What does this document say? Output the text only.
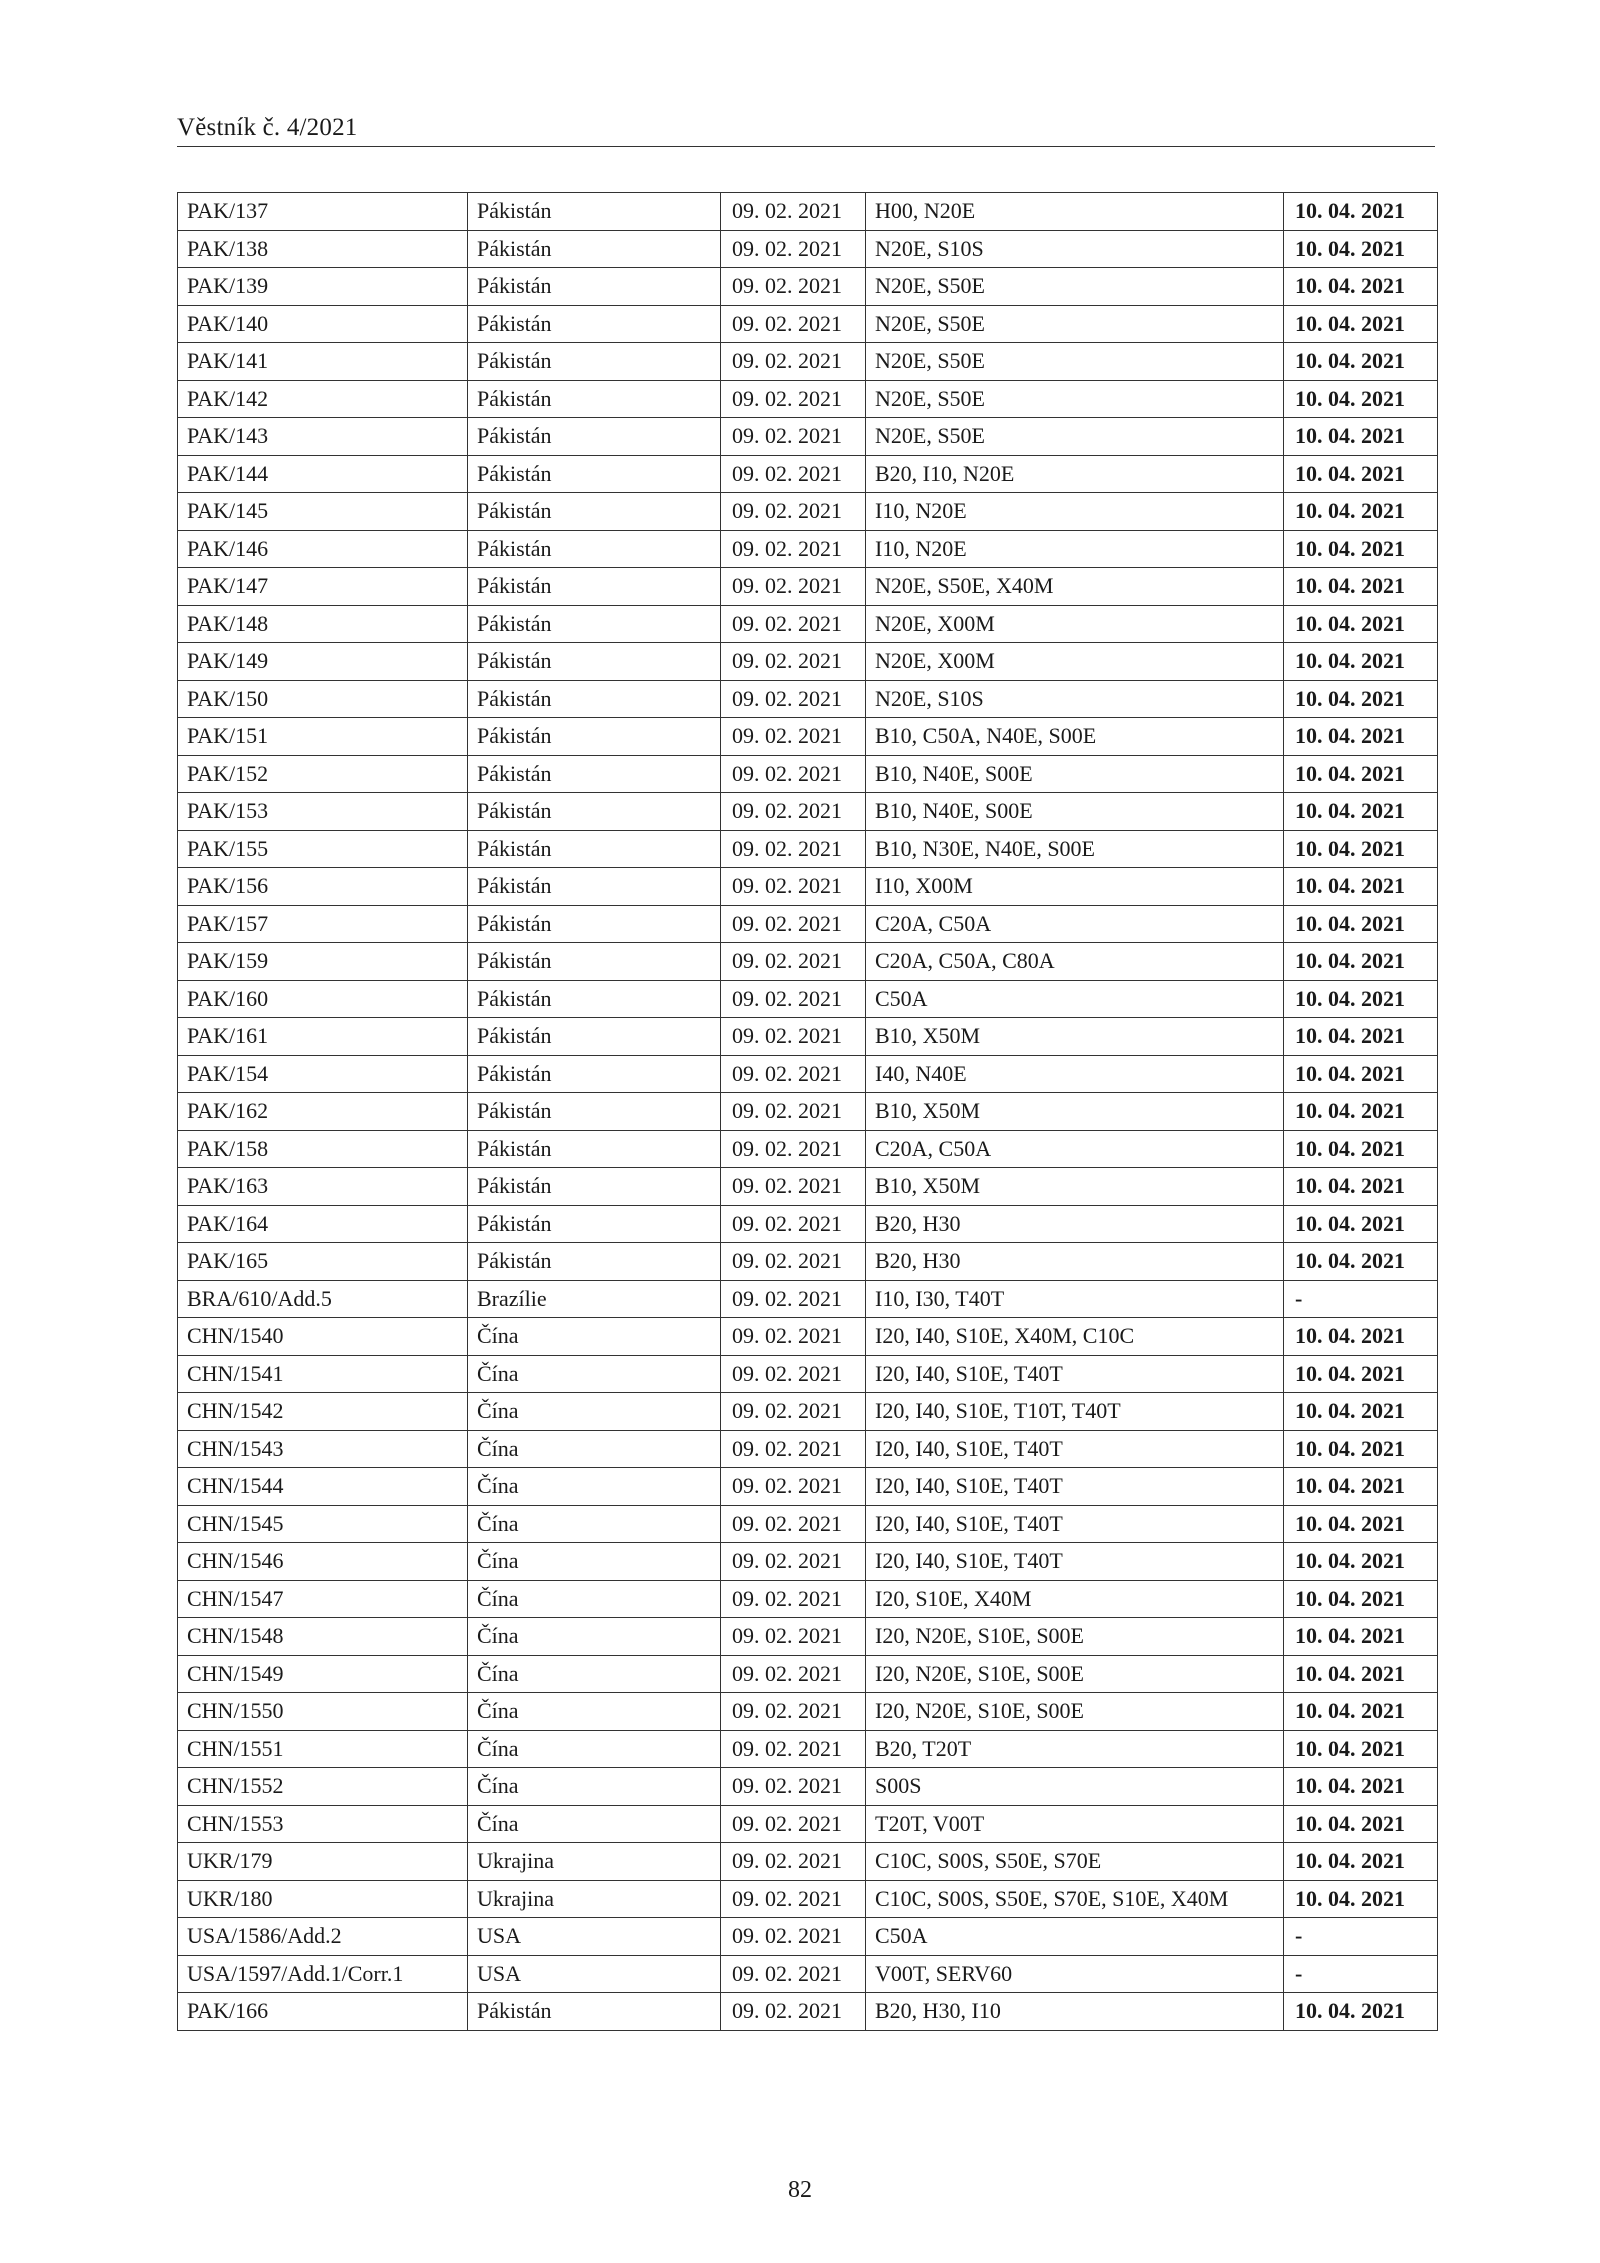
Věstník č. 4/2021
PAK/137	Pákistán	09. 02. 2021	H00, N20E	10. 04. 2021
PAK/138	Pákistán	09. 02. 2021	N20E, S10S	10. 04. 2021
PAK/139	Pákistán	09. 02. 2021	N20E, S50E	10. 04. 2021
PAK/140	Pákistán	09. 02. 2021	N20E, S50E	10. 04. 2021
PAK/141	Pákistán	09. 02. 2021	N20E, S50E	10. 04. 2021
PAK/142	Pákistán	09. 02. 2021	N20E, S50E	10. 04. 2021
PAK/143	Pákistán	09. 02. 2021	N20E, S50E	10. 04. 2021
PAK/144	Pákistán	09. 02. 2021	B20, I10, N20E	10. 04. 2021
PAK/145	Pákistán	09. 02. 2021	I10, N20E	10. 04. 2021
PAK/146	Pákistán	09. 02. 2021	I10, N20E	10. 04. 2021
PAK/147	Pákistán	09. 02. 2021	N20E, S50E, X40M	10. 04. 2021
PAK/148	Pákistán	09. 02. 2021	N20E, X00M	10. 04. 2021
PAK/149	Pákistán	09. 02. 2021	N20E, X00M	10. 04. 2021
PAK/150	Pákistán	09. 02. 2021	N20E, S10S	10. 04. 2021
PAK/151	Pákistán	09. 02. 2021	B10, C50A, N40E, S00E	10. 04. 2021
PAK/152	Pákistán	09. 02. 2021	B10, N40E, S00E	10. 04. 2021
PAK/153	Pákistán	09. 02. 2021	B10, N40E, S00E	10. 04. 2021
PAK/155	Pákistán	09. 02. 2021	B10, N30E, N40E, S00E	10. 04. 2021
PAK/156	Pákistán	09. 02. 2021	I10, X00M	10. 04. 2021
PAK/157	Pákistán	09. 02. 2021	C20A, C50A	10. 04. 2021
PAK/159	Pákistán	09. 02. 2021	C20A, C50A, C80A	10. 04. 2021
PAK/160	Pákistán	09. 02. 2021	C50A	10. 04. 2021
PAK/161	Pákistán	09. 02. 2021	B10, X50M	10. 04. 2021
PAK/154	Pákistán	09. 02. 2021	I40, N40E	10. 04. 2021
PAK/162	Pákistán	09. 02. 2021	B10, X50M	10. 04. 2021
PAK/158	Pákistán	09. 02. 2021	C20A, C50A	10. 04. 2021
PAK/163	Pákistán	09. 02. 2021	B10, X50M	10. 04. 2021
PAK/164	Pákistán	09. 02. 2021	B20, H30	10. 04. 2021
PAK/165	Pákistán	09. 02. 2021	B20, H30	10. 04. 2021
BRA/610/Add.5	Brazílie	09. 02. 2021	I10, I30, T40T	-
CHN/1540	Čína	09. 02. 2021	I20, I40, S10E, X40M, C10C	10. 04. 2021
CHN/1541	Čína	09. 02. 2021	I20, I40, S10E, T40T	10. 04. 2021
CHN/1542	Čína	09. 02. 2021	I20, I40, S10E, T10T, T40T	10. 04. 2021
CHN/1543	Čína	09. 02. 2021	I20, I40, S10E, T40T	10. 04. 2021
CHN/1544	Čína	09. 02. 2021	I20, I40, S10E, T40T	10. 04. 2021
CHN/1545	Čína	09. 02. 2021	I20, I40, S10E, T40T	10. 04. 2021
CHN/1546	Čína	09. 02. 2021	I20, I40, S10E, T40T	10. 04. 2021
CHN/1547	Čína	09. 02. 2021	I20, S10E, X40M	10. 04. 2021
CHN/1548	Čína	09. 02. 2021	I20, N20E, S10E, S00E	10. 04. 2021
CHN/1549	Čína	09. 02. 2021	I20, N20E, S10E, S00E	10. 04. 2021
CHN/1550	Čína	09. 02. 2021	I20, N20E, S10E, S00E	10. 04. 2021
CHN/1551	Čína	09. 02. 2021	B20, T20T	10. 04. 2021
CHN/1552	Čína	09. 02. 2021	S00S	10. 04. 2021
CHN/1553	Čína	09. 02. 2021	T20T, V00T	10. 04. 2021
UKR/179	Ukrajina	09. 02. 2021	C10C, S00S, S50E, S70E	10. 04. 2021
UKR/180	Ukrajina	09. 02. 2021	C10C, S00S, S50E, S70E, S10E, X40M	10. 04. 2021
USA/1586/Add.2	USA	09. 02. 2021	C50A	-
USA/1597/Add.1/Corr.1	USA	09. 02. 2021	V00T, SERV60	-
PAK/166	Pákistán	09. 02. 2021	B20, H30, I10	10. 04. 2021
82
